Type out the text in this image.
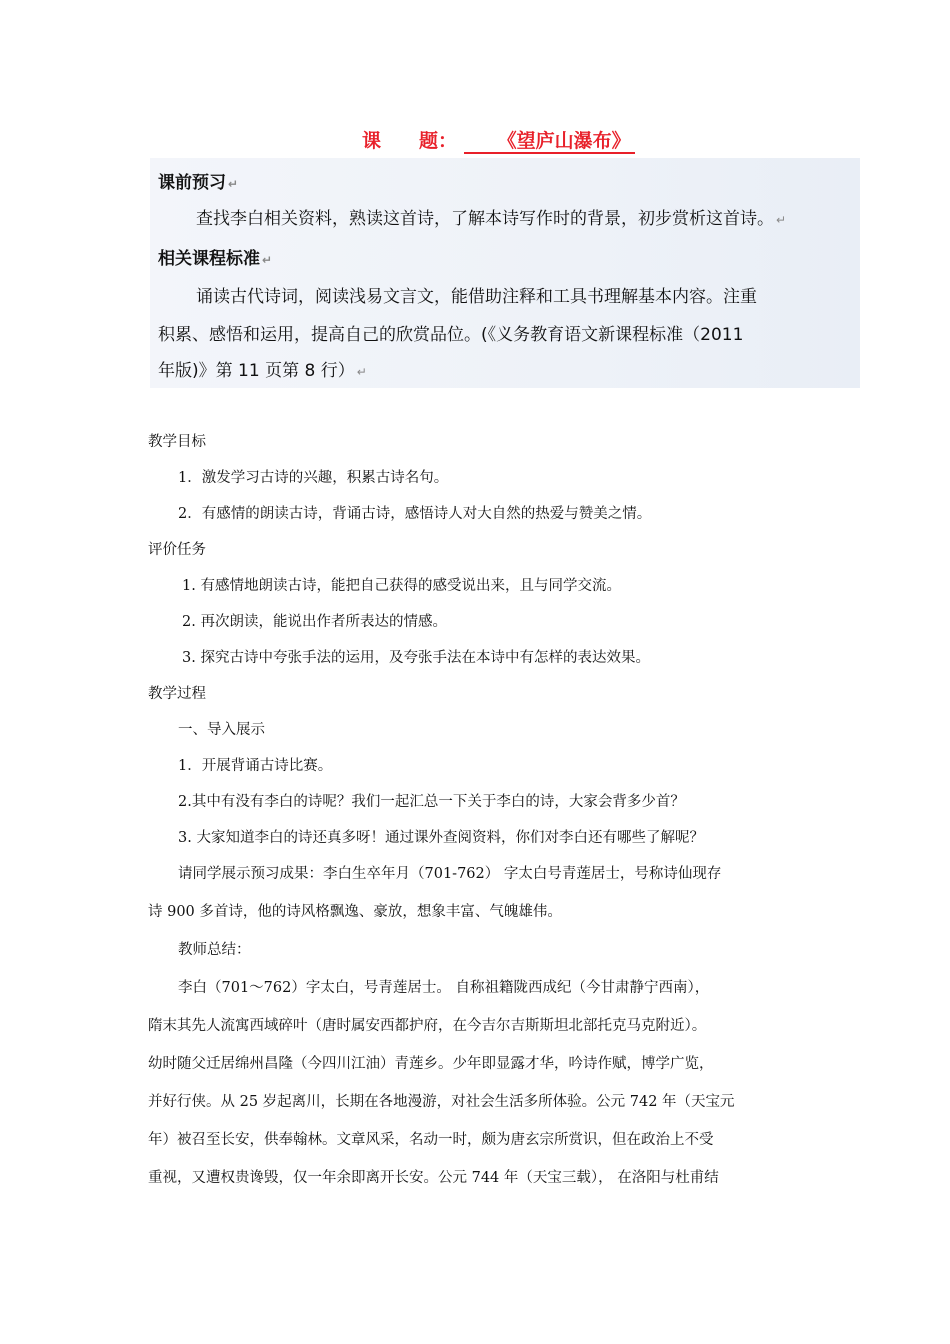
课 题： 《望庐山瀑布》
课前预习 ↵
查找李白相关资料，熟读这首诗，了解本诗写作时的背景，初步赏析这首诗。 ↵
相关课程标准 ↵
诵读古代诗词，阅读浅易文言文，能借助注释和工具书理解基本内容。注重
积累、感悟和运用，提高自己的欣赏品位。(《义务教育语文新课程标准（2011
年版)》第 11 页第 8 行） ↵
教学目标
1．激发学习古诗的兴趣，积累古诗名句。
2．有感情的朗读古诗，背诵古诗，感悟诗人对大自然的热爱与赞美之情。
评价任务
1. 有感情地朗读古诗，能把自己获得的感受说出来，且与同学交流。
2. 再次朗读，能说出作者所表达的情感。
3. 探究古诗中夸张手法的运用，及夸张手法在本诗中有怎样的表达效果。
教学过程
一、导入展示
1．开展背诵古诗比赛。
2.其中有没有李白的诗呢？我们一起汇总一下关于李白的诗，大家会背多少首？
3. 大家知道李白的诗还真多呀！通过课外查阅资料，你们对李白还有哪些了解呢？
请同学展示预习成果：李白生卒年月（701-762） 字太白号青莲居士，号称诗仙现存
诗 900 多首诗，他的诗风格飘逸、豪放，想象丰富、气魄雄伟。
教师总结：
李白（701～762）字太白，号青莲居士。 自称祖籍陇西成纪（今甘肃静宁西南），
隋末其先人流寓西域碎叶（唐时属安西都护府，在今吉尔吉斯斯坦北部托克马克附近）。
幼时随父迁居绵州昌隆（今四川江油）青莲乡。少年即显露才华，吟诗作赋，博学广览，
并好行侠。从 25 岁起离川，长期在各地漫游，对社会生活多所体验。公元 742 年（天宝元
年）被召至长安，供奉翰林。文章风采，名动一时，颇为唐玄宗所赏识，但在政治上不受
重视，又遭权贵谗毁，仅一年余即离开长安。公元 744 年（天宝三载）， 在洛阳与杜甫结
